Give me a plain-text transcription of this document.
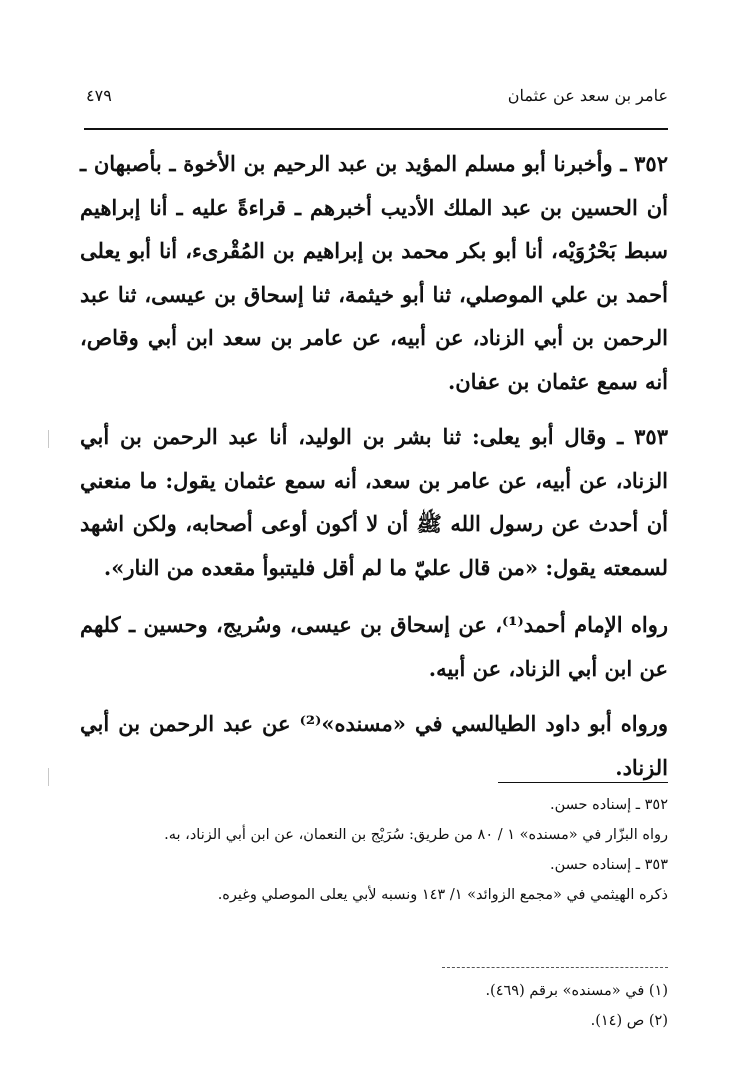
عامر بن سعد عن عثمان
٤٧٩

٣٥٢ ـ وأخبرنا أبو مسلم المؤيد بن عبد الرحيم بن الأخوة ـ بأصبهان ـ أن الحسين بن عبد الملك الأديب أخبرهم ـ قراءةً عليه ـ أنا إبراهيم سبط بَحْرُوَيْه، أنا أبو بكر محمد بن إبراهيم بن المُقْرىء، أنا أبو يعلى أحمد بن علي الموصلي، ثنا أبو خيثمة، ثنا إسحاق بن عيسى، ثنا عبد الرحمن بن أبي الزناد، عن أبيه، عن عامر بن سعد ابن أبي وقاص، أنه سمع عثمان بن عفان.

٣٥٣ ـ وقال أبو يعلى: ثنا بشر بن الوليد، أنا عبد الرحمن بن أبي الزناد، عن أبيه، عن عامر بن سعد، أنه سمع عثمان يقول: ما منعني أن أحدث عن رسول الله ﷺ أن لا أكون أوعى أصحابه، ولكن اشهد لسمعته يقول: «من قال عليّ ما لم أقل فليتبوأ مقعده من النار».

رواه الإمام أحمد⁽¹⁾، عن إسحاق بن عيسى، وسُريج، وحسين ـ كلهم عن ابن أبي الزناد، عن أبيه.

ورواه أبو داود الطيالسي في «مسنده»⁽²⁾ عن عبد الرحمن بن أبي الزناد.

٣٥٢ ـ إسناده حسن.

رواه البزّار في «مسنده» ١ / ٨٠ من طريق: سُرَيْج بن النعمان، عن ابن أبي الزناد، به.

٣٥٣ ـ إسناده حسن.

ذكره الهيثمي في «مجمع الزوائد» ١/ ١٤٣ ونسبه لأبي يعلى الموصلي وغيره.

(١) في «مسنده» برقم (٤٦٩).

(٢) ص (١٤).
